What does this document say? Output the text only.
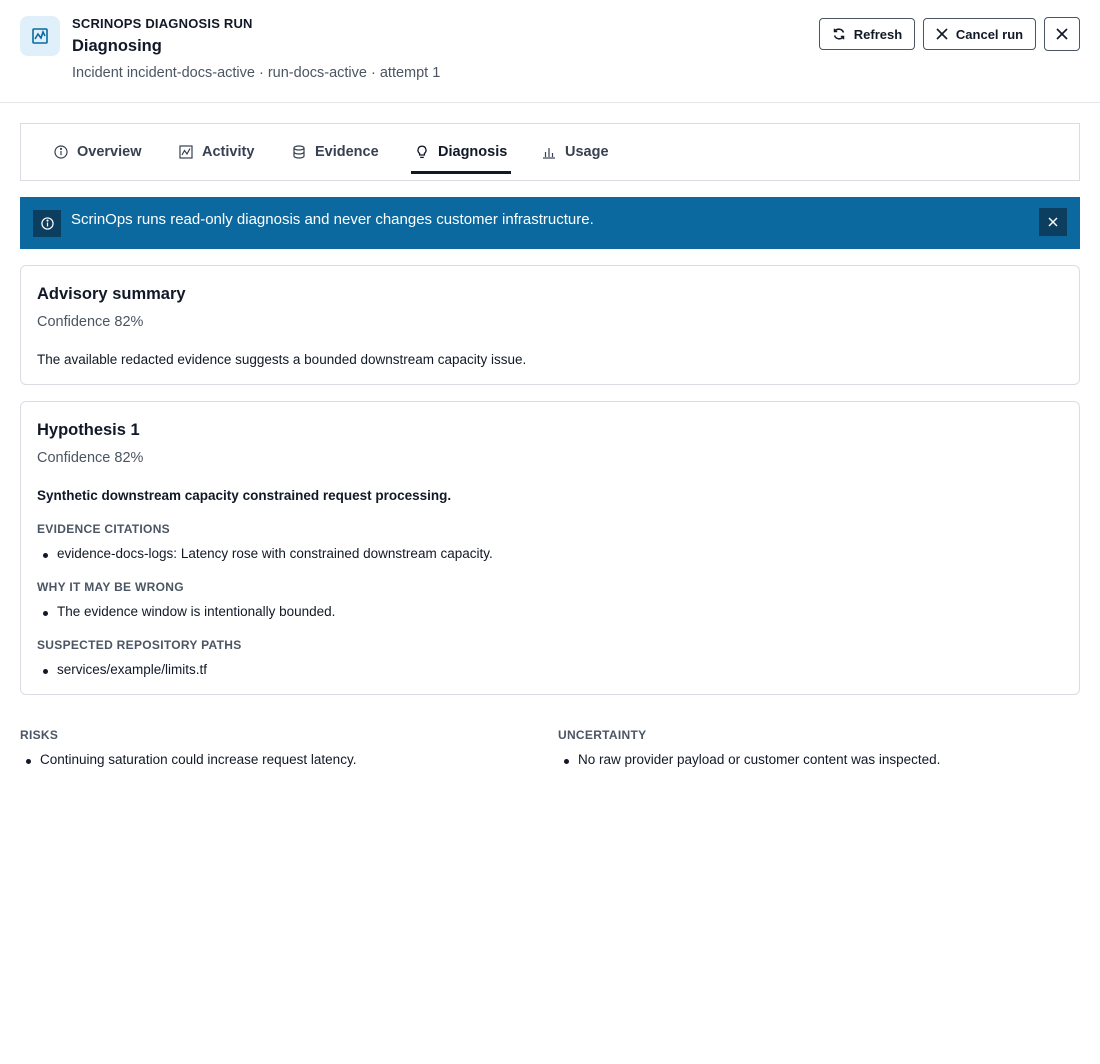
SCRINOPS DIAGNOSIS RUN
Diagnosing
Incident incident-docs-active · run-docs-active · attempt 1
Refresh	Cancel run
Overview	Activity	Evidence	Diagnosis	Usage
ScrinOps runs read-only diagnosis and never changes customer infrastructure.
Advisory summary
Confidence 82%
The available redacted evidence suggests a bounded downstream capacity issue.
Hypothesis 1
Confidence 82%
Synthetic downstream capacity constrained request processing.
EVIDENCE CITATIONS
evidence-docs-logs: Latency rose with constrained downstream capacity.
WHY IT MAY BE WRONG
The evidence window is intentionally bounded.
SUSPECTED REPOSITORY PATHS
services/example/limits.tf
RISKS
Continuing saturation could increase request latency.
UNCERTAINTY
No raw provider payload or customer content was inspected.
